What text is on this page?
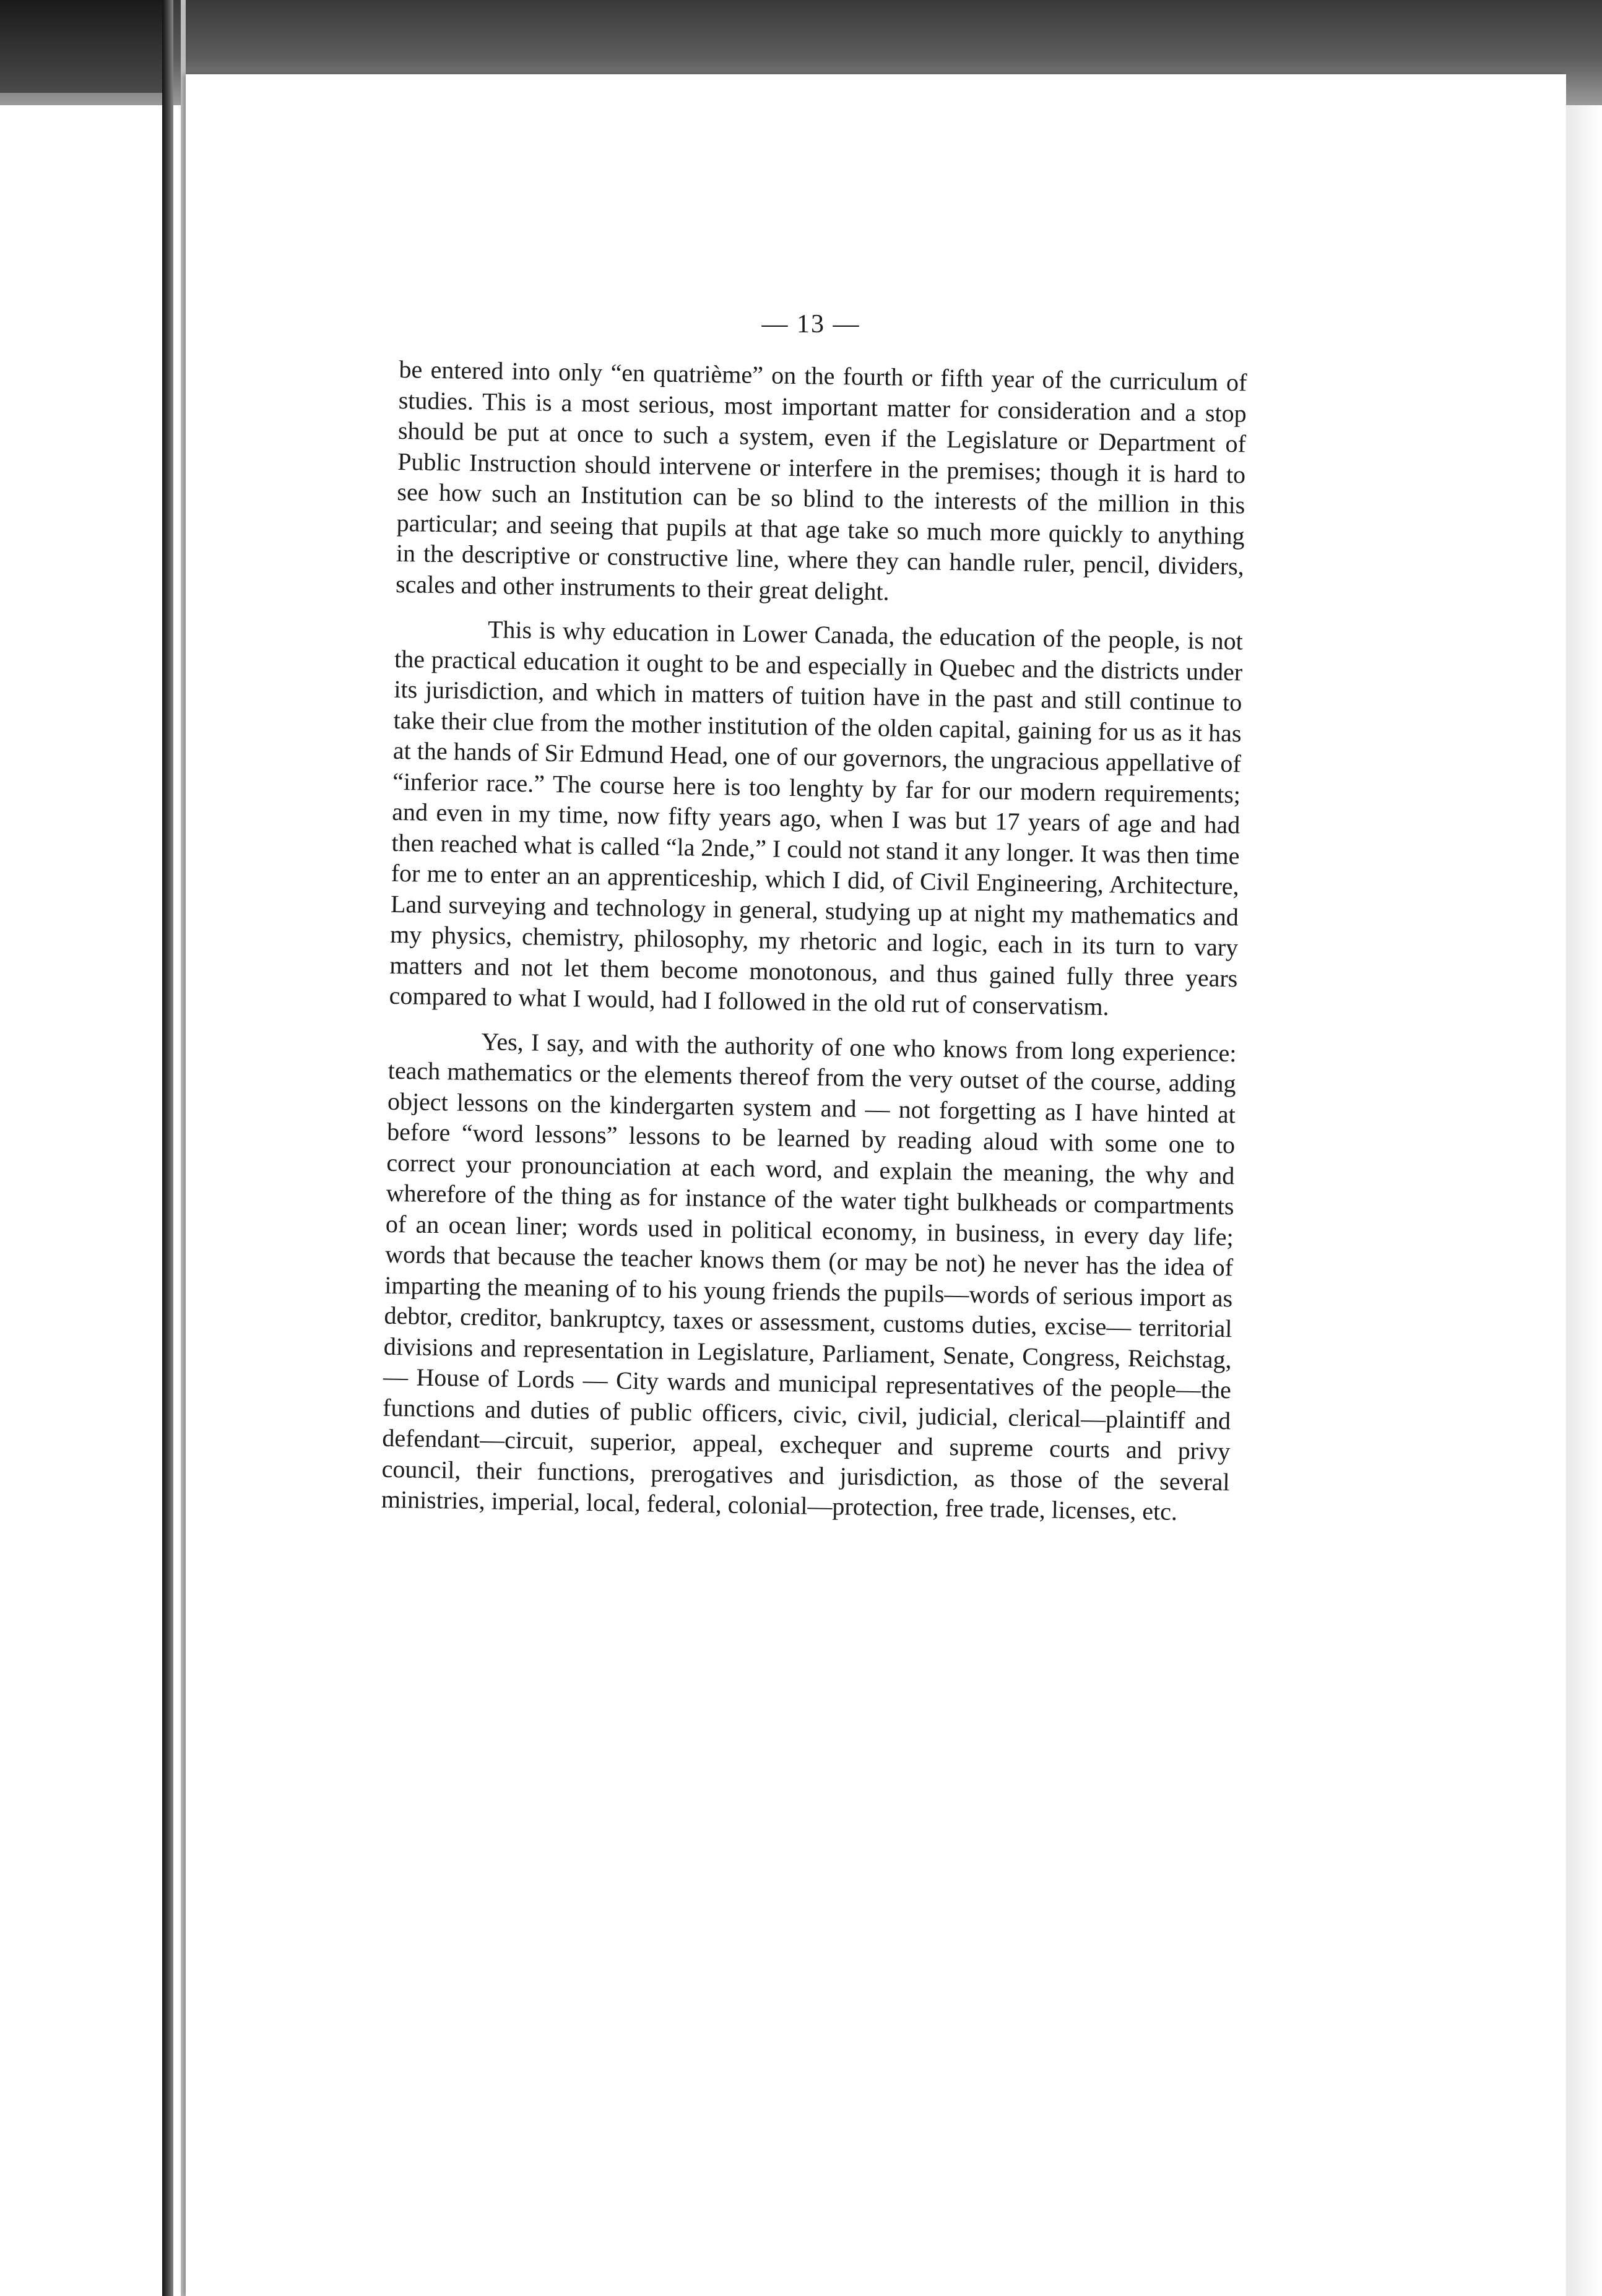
— 13 —

be entered into only “en quatrième” on the fourth or fifth year of the curriculum of studies. This is a most serious, most important matter for consideration and a stop should be put at once to such a system, even if the Legislature or Department of Public Instruction should intervene or interfere in the premises; though it is hard to see how such an Institution can be so blind to the interests of the million in this particular; and seeing that pupils at that age take so much more quickly to anything in the descriptive or constructive line, where they can handle ruler, pencil, dividers, scales and other instruments to their great delight.

This is why education in Lower Canada, the education of the people, is not the practical education it ought to be and especially in Quebec and the districts under its jurisdiction, and which in matters of tuition have in the past and still continue to take their clue from the mother institution of the olden capital, gaining for us as it has at the hands of Sir Edmund Head, one of our governors, the ungracious appellative of “inferior race.” The course here is too lenghty by far for our modern requirements; and even in my time, now fifty years ago, when I was but 17 years of age and had then reached what is called “la 2nde,” I could not stand it any longer. It was then time for me to enter an an apprenticeship, which I did, of Civil Engineering, Architecture, Land surveying and technology in general, studying up at night my mathematics and my physics, chemistry, philosophy, my rhetoric and logic, each in its turn to vary matters and not let them become monotonous, and thus gained fully three years compared to what I would, had I followed in the old rut of conservatism.

Yes, I say, and with the authority of one who knows from long experience: teach mathematics or the elements thereof from the very outset of the course, adding object lessons on the kindergarten system and — not forgetting as I have hinted at before “word lessons” lessons to be learned by reading aloud with some one to correct your pronounciation at each word, and explain the meaning, the why and wherefore of the thing as for instance of the water tight bulkheads or compartments of an ocean liner; words used in political economy, in business, in every day life; words that because the teacher knows them (or may be not) he never has the idea of imparting the meaning of to his young friends the pupils—words of serious import as debtor, creditor, bankruptcy, taxes or assessment, customs duties, excise— territorial divisions and representation in Legislature, Parliament, Senate, Congress, Reichstag, — House of Lords — City wards and municipal representatives of the people—the functions and duties of public officers, civic, civil, judicial, clerical—plaintiff and defendant—circuit, superior, appeal, exchequer and supreme courts and privy council, their functions, prerogatives and jurisdiction, as those of the several ministries, imperial, local, federal, colonial—protection, free trade, licenses, etc.
